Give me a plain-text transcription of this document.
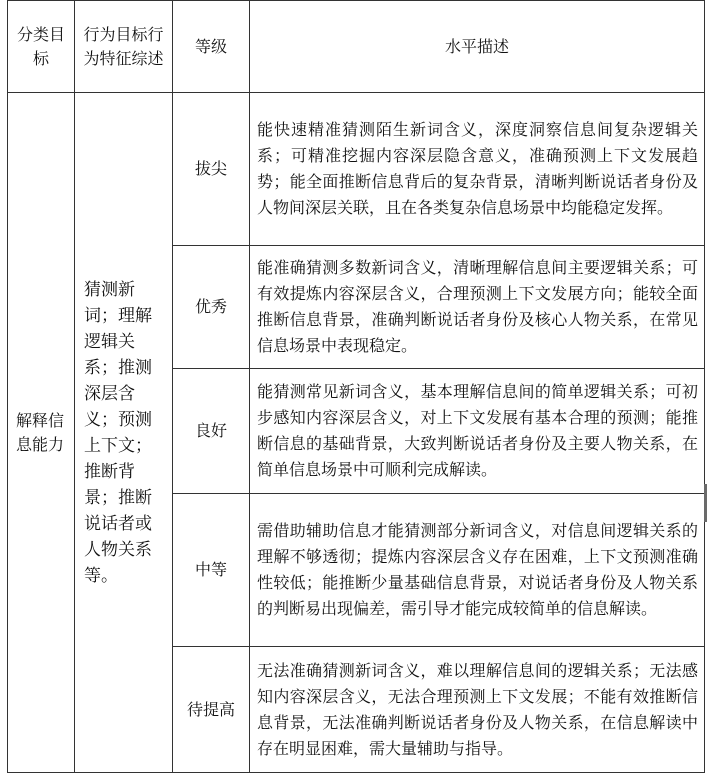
分类目标	行为目标行为特征综述	等级	水平描述
解释信息能力	猜测新词；理解逻辑关系；推测深层含义；预测上下文；推断背景；推断说话者或人物关系等。	拔尖	能快速精准猜测陌生新词含义，深度洞察信息间复杂逻辑关系；可精准挖掘内容深层隐含意义，准确预测上下文发展趋势；能全面推断信息背后的复杂背景，清晰判断说话者身份及人物间深层关联，且在各类复杂信息场景中均能稳定发挥。
		优秀	能准确猜测多数新词含义，清晰理解信息间主要逻辑关系；可有效提炼内容深层含义，合理预测上下文发展方向；能较全面推断信息背景，准确判断说话者身份及核心人物关系，在常见信息场景中表现稳定。
		良好	能猜测常见新词含义，基本理解信息间的简单逻辑关系；可初步感知内容深层含义，对上下文发展有基本合理的预测；能推断信息的基础背景，大致判断说话者身份及主要人物关系，在简单信息场景中可顺利完成解读。
		中等	需借助辅助信息才能猜测部分新词含义，对信息间逻辑关系的理解不够透彻；提炼内容深层含义存在困难，上下文预测准确性较低；能推断少量基础信息背景，对说话者身份及人物关系的判断易出现偏差，需引导才能完成较简单的信息解读。
		待提高	无法准确猜测新词含义，难以理解信息间的逻辑关系；无法感知内容深层含义，无法合理预测上下文发展；不能有效推断信息背景，无法准确判断说话者身份及人物关系，在信息解读中存在明显困难，需大量辅助与指导。
